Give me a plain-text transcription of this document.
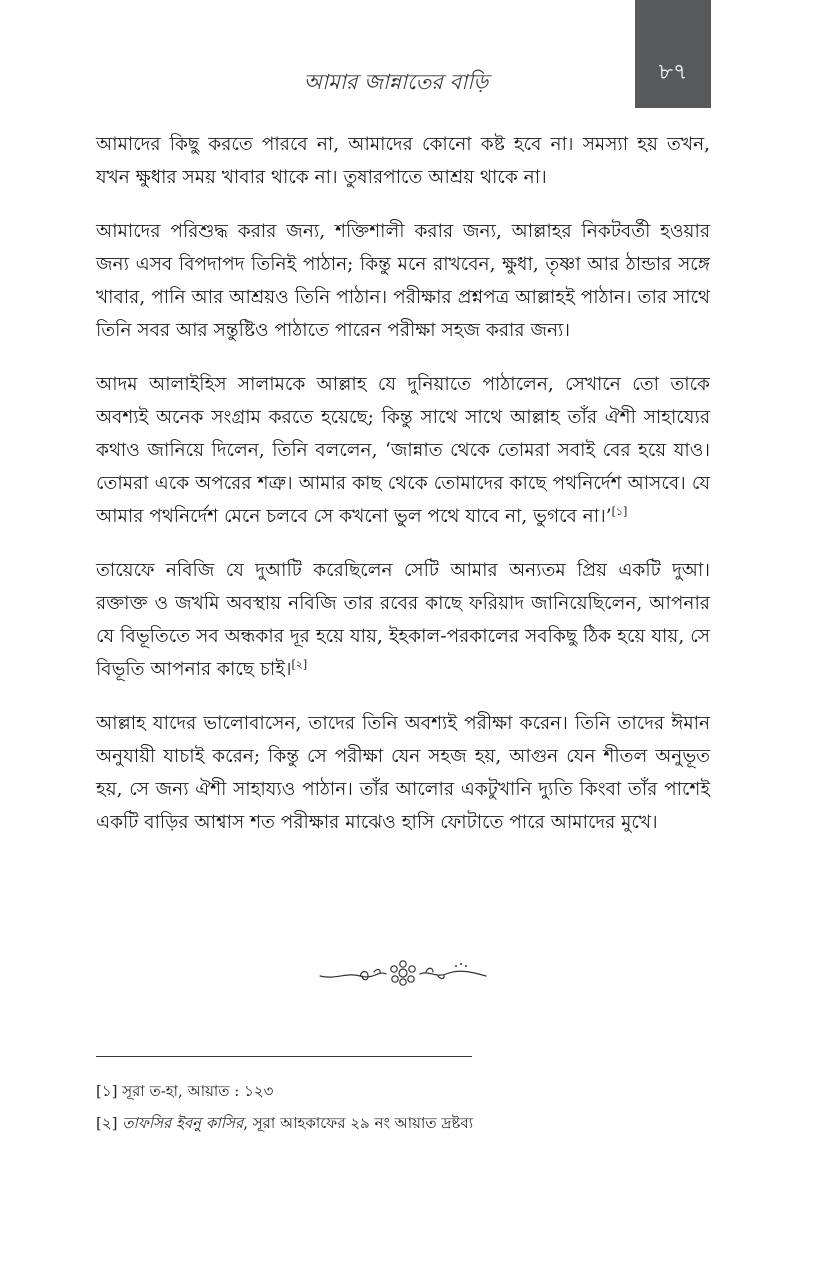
৮৭
আমার জান্নাতের বাড়ি

আমাদের কিছু করতে পারবে না, আমাদের কোনো কষ্ট হবে না। সমস্যা হয় তখন, যখন ক্ষুধার সময় খাবার থাকে না। তুষারপাতে আশ্রয় থাকে না।

আমাদের পরিশুদ্ধ করার জন্য, শক্তিশালী করার জন্য, আল্লাহর নিকটবর্তী হওয়ার জন্য এসব বিপদাপদ তিনিই পাঠান; কিন্তু মনে রাখবেন, ক্ষুধা, তৃষ্ণা আর ঠান্ডার সঙ্গে খাবার, পানি আর আশ্রয়ও তিনি পাঠান। পরীক্ষার প্রশ্নপত্র আল্লাহই পাঠান। তার সাথে তিনি সবর আর সন্তুষ্টিও পাঠাতে পারেন পরীক্ষা সহজ করার জন্য।

আদম আলাইহিস সালামকে আল্লাহ যে দুনিয়াতে পাঠালেন, সেখানে তো তাকে অবশ্যই অনেক সংগ্রাম করতে হয়েছে; কিন্তু সাথে সাথে আল্লাহ তাঁর ঐশী সাহায্যের কথাও জানিয়ে দিলেন, তিনি বললেন, ‘জান্নাত থেকে তোমরা সবাই বের হয়ে যাও। তোমরা একে অপরের শত্রু। আমার কাছ থেকে তোমাদের কাছে পথনির্দেশ আসবে। যে আমার পথনির্দেশ মেনে চলবে সে কখনো ভুল পথে যাবে না, ভুগবে না।’[১]

তায়েফে নবিজি যে দুআটি করেছিলেন সেটি আমার অন্যতম প্রিয় একটি দুআ। রক্তাক্ত ও জখমি অবস্থায় নবিজি তার রবের কাছে ফরিয়াদ জানিয়েছিলেন, আপনার যে বিভূতিতে সব অন্ধকার দূর হয়ে যায়, ইহকাল-পরকালের সবকিছু ঠিক হয়ে যায়, সে বিভূতি আপনার কাছে চাই।[২]

আল্লাহ যাদের ভালোবাসেন, তাদের তিনি অবশ্যই পরীক্ষা করেন। তিনি তাদের ঈমান অনুযায়ী যাচাই করেন; কিন্তু সে পরীক্ষা যেন সহজ হয়, আগুন যেন শীতল অনুভূত হয়, সে জন্য ঐশী সাহায্যও পাঠান। তাঁর আলোর একটুখানি দ্যুতি কিংবা তাঁর পাশেই একটি বাড়ির আশ্বাস শত পরীক্ষার মাঝেও হাসি ফোটাতে পারে আমাদের মুখে।

[১] সূরা ত-হা, আয়াত : ১২৩

[২] তাফসির ইবনু কাসির, সূরা আহকাফের ২৯ নং আয়াত দ্রষ্টব্য
